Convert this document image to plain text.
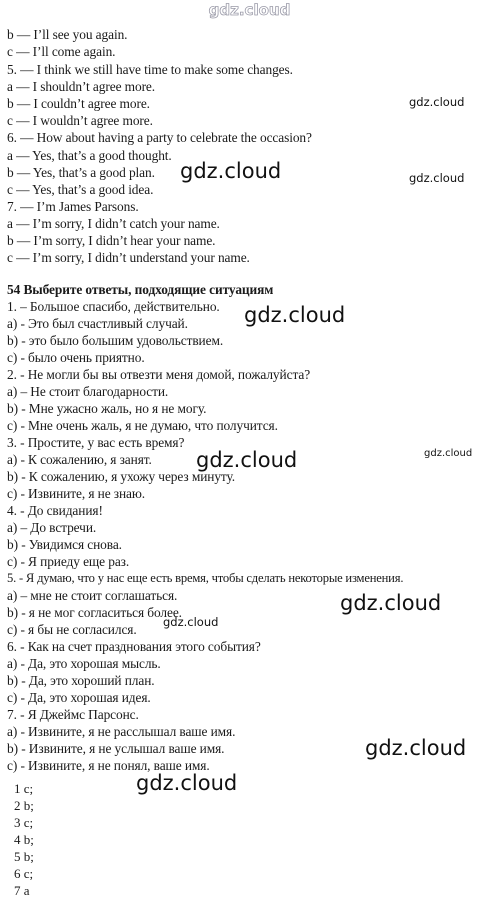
gdz.cloud
b — I’ll see you again.
c — I’ll come again.
5. — I think we still have time to make some changes.
a — I shouldn’t agree more.
b — I couldn’t agree more.
c — I wouldn’t agree more.
6. — How about having a party to celebrate the occasion?
a — Yes, that’s a good thought.
b — Yes, that’s a good plan.
c — Yes, that’s a good idea.
7. — I’m James Parsons.
a — I’m sorry, I didn’t catch your name.
b — I’m sorry, I didn’t hear your name.
c — I’m sorry, I didn’t understand your name.
54 Выберите ответы, подходящие ситуациям
1. – Большое спасибо, действительно.
a) - Это был счастливый случай.
b) - это было большим удовольствием.
c) - было очень приятно.
2. - Не могли бы вы отвезти меня домой, пожалуйста?
a) – Не стоит благодарности.
b) - Мне ужасно жаль, но я не могу.
c) - Мне очень жаль, я не думаю, что получится.
3. - Простите, у вас есть время?
a) - К сожалению, я занят.
b) - К сожалению, я ухожу через минуту.
c) - Извините, я не знаю.
4. - До свидания!
a) – До встречи.
b) - Увидимся снова.
c) - Я приеду еще раз.
5. - Я думаю, что у нас еще есть время, чтобы сделать некоторые изменения.
a) – мне не стоит соглашаться.
b) - я не мог согласиться более.
c) - я бы не согласился.
6. - Как на счет празднования этого события?
a) - Да, это хорошая мысль.
b) - Да, это хороший план.
c) - Да, это хорошая идея.
7. - Я Джеймс Парсонс.
a) - Извините, я не расслышал ваше имя.
b) - Извините, я не услышал ваше имя.
c) - Извините, я не понял, ваше имя.
1 c;
2 b;
3 c;
4 b;
5 b;
6 c;
7 a
gdz.cloud
gdz.cloud	gdz.cloud
gdz.cloud
gdz.cloud	gdz.cloud
gdz.cloud
gdz.cloud
gdz.cloud
gdz.cloud
